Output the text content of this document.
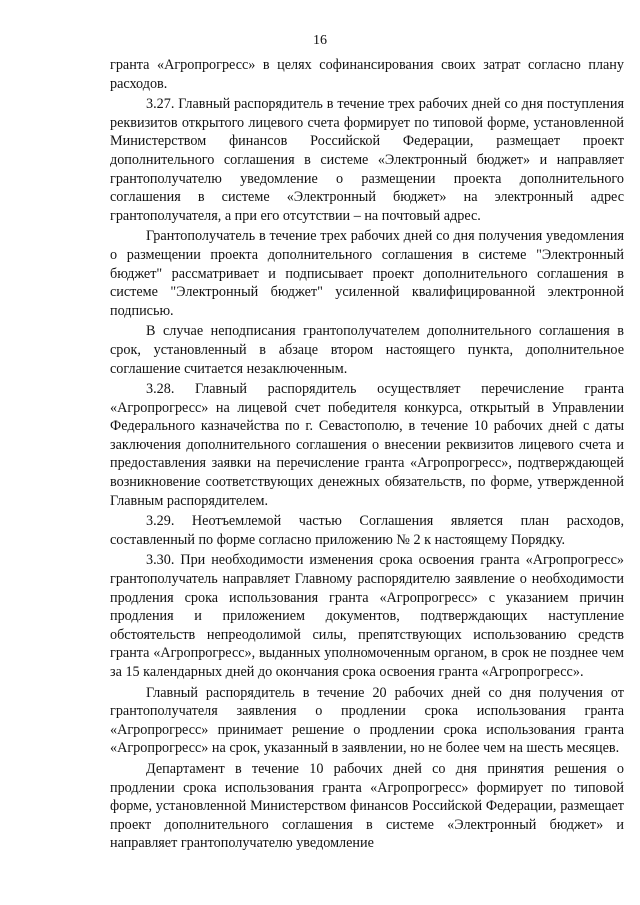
16

гранта «Агропрогресс» в целях софинансирования своих затрат согласно плану расходов.

3.27. Главный распорядитель в течение трех рабочих дней со дня поступления реквизитов открытого лицевого счета формирует по типовой форме, установленной Министерством финансов Российской Федерации, размещает проект дополнительного соглашения в системе «Электронный бюджет» и направляет грантополучателю уведомление о размещении проекта дополнительного соглашения в системе «Электронный бюджет» на электронный адрес грантополучателя, а при его отсутствии – на почтовый адрес.

Грантополучатель в течение трех рабочих дней со дня получения уведомления о размещении проекта дополнительного соглашения в системе "Электронный бюджет" рассматривает и подписывает проект дополнительного соглашения в системе "Электронный бюджет" усиленной квалифицированной электронной подписью.

В случае неподписания грантополучателем дополнительного соглашения в срок, установленный в абзаце втором настоящего пункта, дополнительное соглашение считается незаключенным.

3.28. Главный распорядитель осуществляет перечисление гранта «Агропрогресс» на лицевой счет победителя конкурса, открытый в Управлении Федерального казначейства по г. Севастополю, в течение 10 рабочих дней с даты заключения дополнительного соглашения о внесении реквизитов лицевого счета и предоставления заявки на перечисление гранта «Агропрогресс», подтверждающей возникновение соответствующих денежных обязательств, по форме, утвержденной Главным распорядителем.

3.29. Неотъемлемой частью Соглашения является план расходов, составленный по форме согласно приложению № 2 к настоящему Порядку.

3.30. При необходимости изменения срока освоения гранта «Агропрогресс» грантополучатель направляет Главному распорядителю заявление о необходимости продления срока использования гранта «Агропрогресс» с указанием причин продления и приложением документов, подтверждающих наступление обстоятельств непреодолимой силы, препятствующих использованию средств гранта «Агропрогресс», выданных уполномоченным органом, в срок не позднее чем за 15 календарных дней до окончания срока освоения гранта «Агропрогресс».

Главный распорядитель в течение 20 рабочих дней со дня получения от грантополучателя заявления о продлении срока использования гранта «Агропрогресс» принимает решение о продлении срока использования гранта «Агропрогресс» на срок, указанный в заявлении, но не более чем на шесть месяцев.

Департамент в течение 10 рабочих дней со дня принятия решения о продлении срока использования гранта «Агропрогресс» формирует по типовой форме, установленной Министерством финансов Российской Федерации, размещает проект дополнительного соглашения в системе «Электронный бюджет» и направляет грантополучателю уведомление
